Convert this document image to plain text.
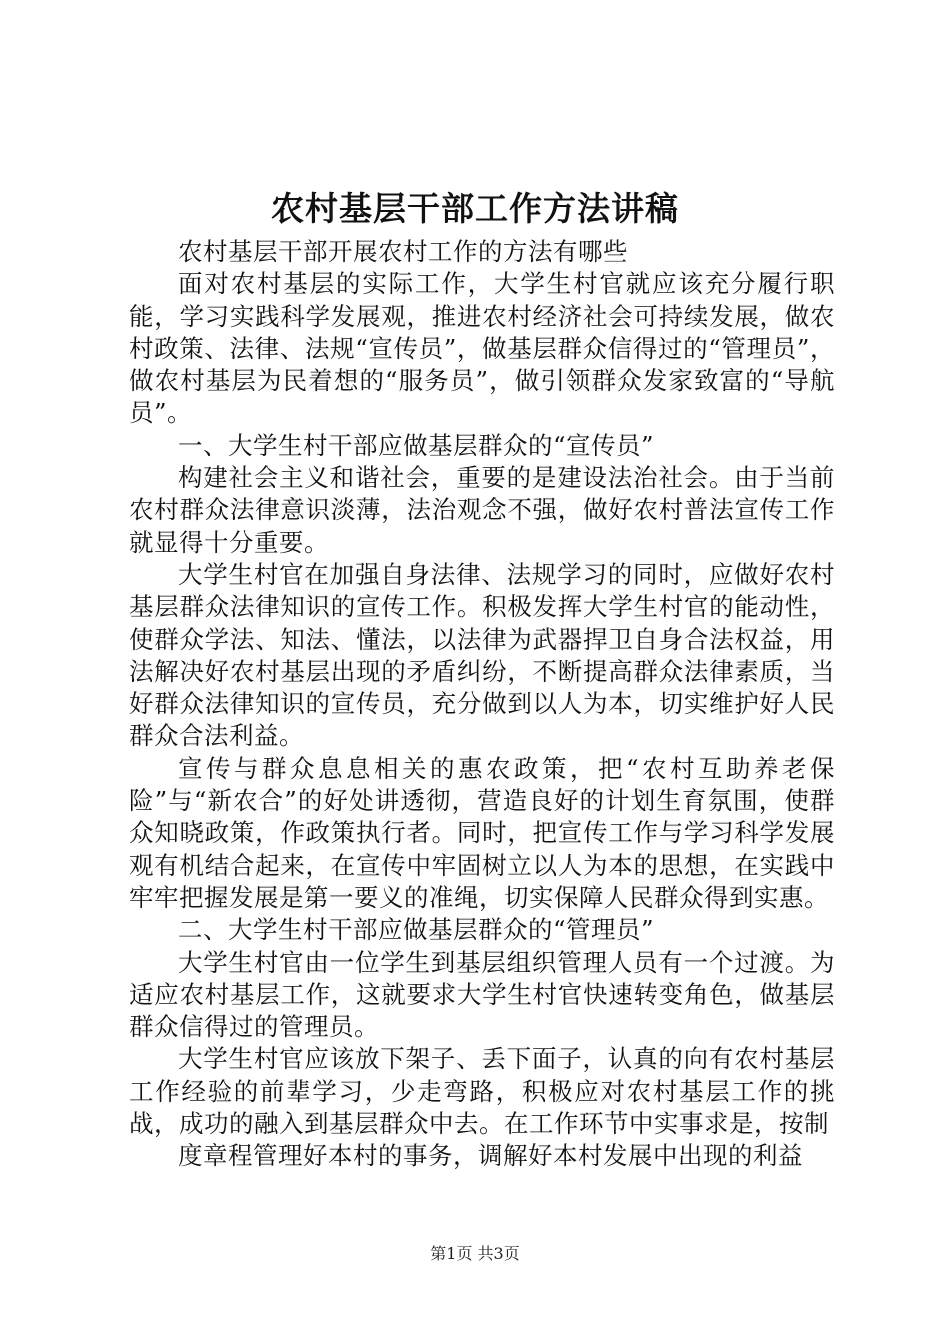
农村基层干部工作方法讲稿

农村基层干部开展农村工作的方法有哪些

面对农村基层的实际工作，大学生村官就应该充分履行职能，学习实践科学发展观，推进农村经济社会可持续发展，做农村政策、法律、法规“宣传员”，做基层群众信得过的“管理员”，做农村基层为民着想的“服务员”，做引领群众发家致富的“导航员”。

一、大学生村干部应做基层群众的“宣传员”

构建社会主义和谐社会，重要的是建设法治社会。由于当前农村群众法律意识淡薄，法治观念不强，做好农村普法宣传工作就显得十分重要。

大学生村官在加强自身法律、法规学习的同时，应做好农村基层群众法律知识的宣传工作。积极发挥大学生村官的能动性，使群众学法、知法、懂法，以法律为武器捍卫自身合法权益，用法解决好农村基层出现的矛盾纠纷，不断提高群众法律素质，当好群众法律知识的宣传员，充分做到以人为本，切实维护好人民群众合法利益。

宣传与群众息息相关的惠农政策，把“农村互助养老保险”与“新农合”的好处讲透彻，营造良好的计划生育氛围，使群众知晓政策，作政策执行者。同时，把宣传工作与学习科学发展观有机结合起来，在宣传中牢固树立以人为本的思想，在实践中牢牢把握发展是第一要义的准绳，切实保障人民群众得到实惠。

二、大学生村干部应做基层群众的“管理员”

大学生村官由一位学生到基层组织管理人员有一个过渡。为适应农村基层工作，这就要求大学生村官快速转变角色，做基层群众信得过的管理员。

大学生村官应该放下架子、丢下面子，认真的向有农村基层工作经验的前辈学习，少走弯路，积极应对农村基层工作的挑战，成功的融入到基层群众中去。在工作环节中实事求是，按制

度章程管理好本村的事务，调解好本村发展中出现的利益

第1页 共3页
